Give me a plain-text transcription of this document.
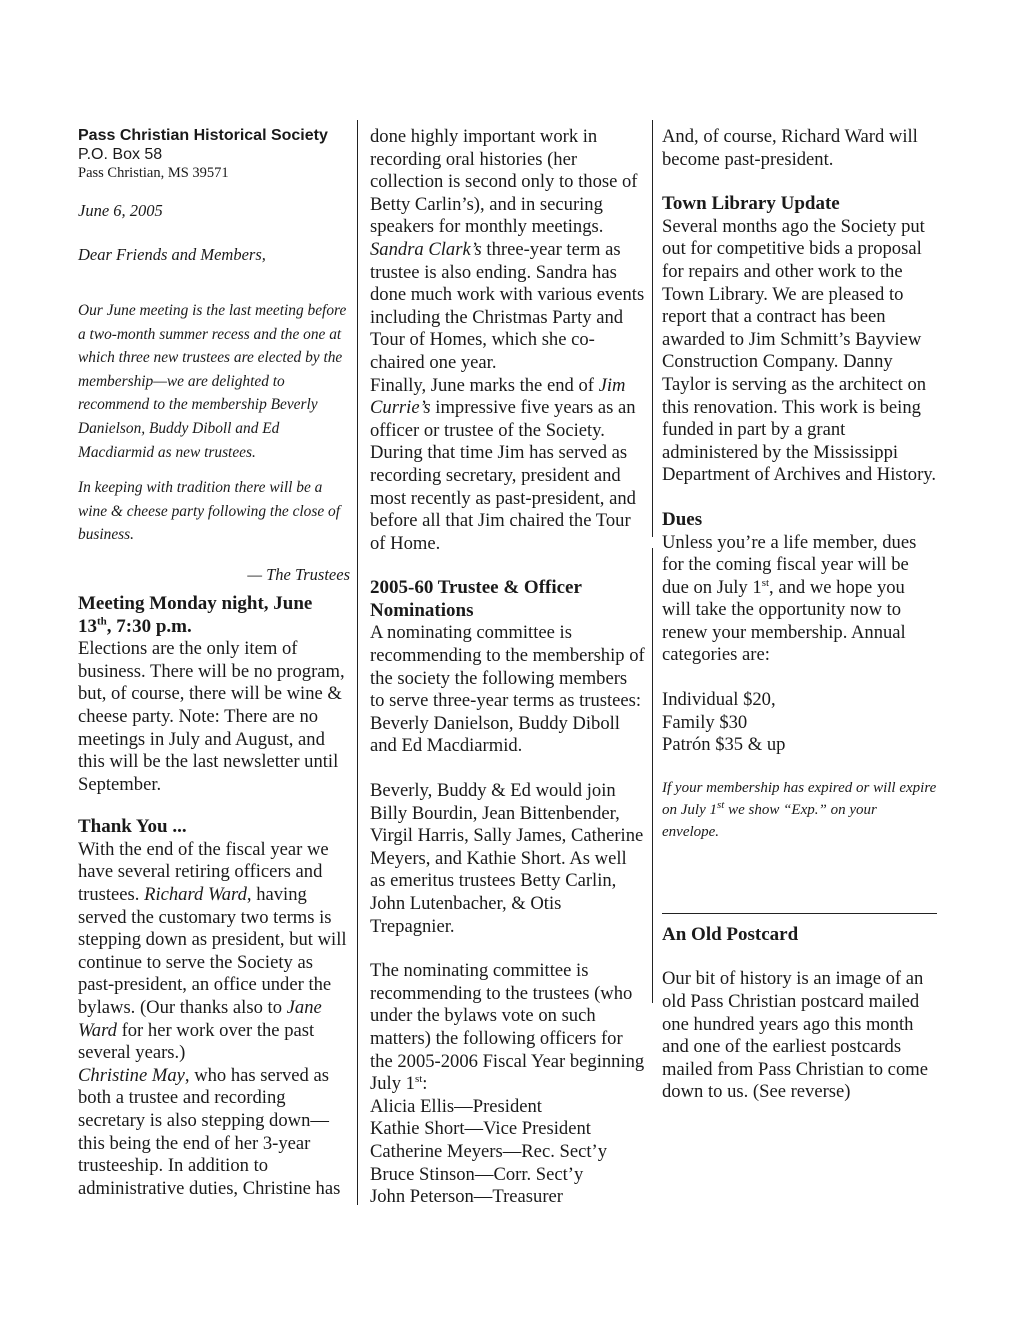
Pass Christian Historical Society

P.O. Box 58

Pass Christian, MS 39571

June 6, 2005

Dear Friends and Members,

Our June meeting is the last meeting before a two-month summer recess and the one at which three new trustees are elected by the membership—we are delighted to recommend to the membership Beverly Danielson, Buddy Diboll and Ed Macdiarmid as new trustees.

In keeping with tradition there will be a wine & cheese party following the close of business.

— The Trustees

Meeting Monday night, June 13th, 7:30 p.m.

Elections are the only item of business. There will be no program, but, of course, there will be wine & cheese party. Note: There are no meetings in July and August, and this will be the last newsletter until September.

Thank You ...

With the end of the fiscal year we have several retiring officers and trustees. Richard Ward, having served the customary two terms is stepping down as president, but will continue to serve the Society as past-president, an office under the bylaws. (Our thanks also to Jane Ward for her work over the past several years.)

Christine May, who has served as both a trustee and recording secretary is also stepping down—this being the end of her 3-year trusteeship. In addition to administrative duties, Christine has

done highly important work in recording oral histories (her collection is second only to those of Betty Carlin’s), and in securing speakers for monthly meetings.

Sandra Clark’s three-year term as trustee is also ending. Sandra has done much work with various events including the Christmas Party and Tour of Homes, which she co-chaired one year.

Finally, June marks the end of Jim Currie’s impressive five years as an officer or trustee of the Society. During that time Jim has served as recording secretary, president and most recently as past-president, and before all that Jim chaired the Tour of Home.

2005-60 Trustee & Officer Nominations

A nominating committee is recommending to the membership of the society the following members to serve three-year terms as trustees: Beverly Danielson, Buddy Diboll and Ed Macdiarmid.

Beverly, Buddy & Ed would join Billy Bourdin, Jean Bittenbender, Virgil Harris, Sally James, Catherine Meyers, and Kathie Short. As well as emeritus trustees Betty Carlin, John Lutenbacher, & Otis Trepagnier.

The nominating committee is recommending to the trustees (who under the bylaws vote on such matters) the following officers for the 2005-2006 Fiscal Year beginning July 1st:

Alicia Ellis—President

Kathie Short—Vice President

Catherine Meyers—Rec. Sect’y

Bruce Stinson—Corr. Sect’y

John Peterson—Treasurer

And, of course, Richard Ward will become past-president.

Town Library Update

Several months ago the Society put out for competitive bids a proposal for repairs and other work to the Town Library. We are pleased to report that a contract has been awarded to Jim Schmitt’s Bayview Construction Company. Danny Taylor is serving as the architect on this renovation. This work is being funded in part by a grant administered by the Mississippi Department of Archives and History.

Dues

Unless you’re a life member, dues for the coming fiscal year will be due on July 1st, and we hope you will take the opportunity now to renew your membership. Annual categories are:

Individual $20,

Family $30

Patrón $35 & up

If your membership has expired or will expire on July 1st we show “Exp.” on your envelope.

An Old Postcard

Our bit of history is an image of an old Pass Christian postcard mailed one hundred years ago this month and one of the earliest postcards mailed from Pass Christian to come down to us. (See reverse)
